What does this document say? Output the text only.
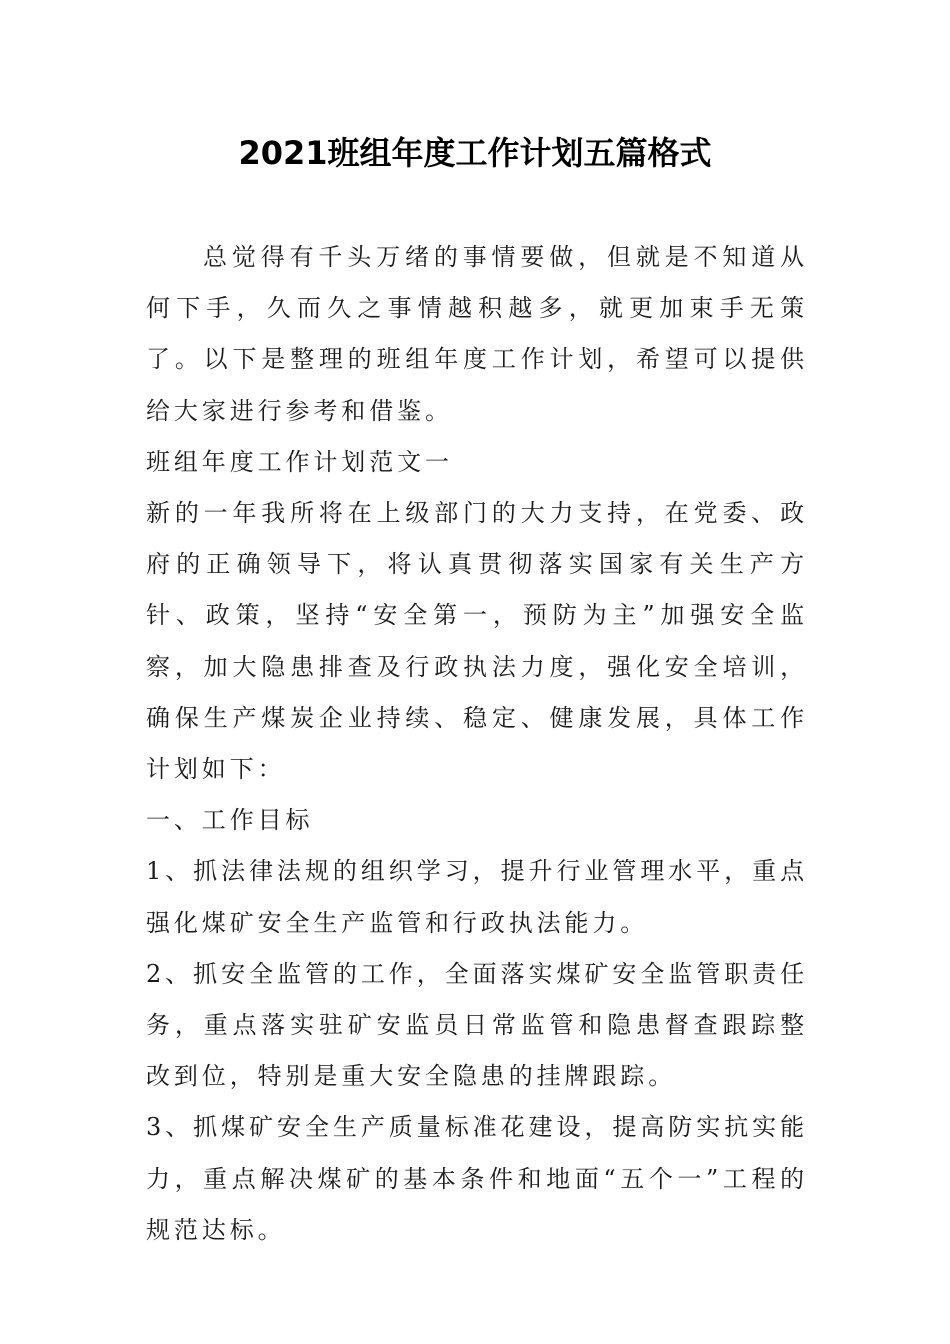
2021班组年度工作计划五篇格式

总觉得有千头万绪的事情要做，但就是不知道从何下手，久而久之事情越积越多，就更加束手无策了。以下是整理的班组年度工作计划，希望可以提供给大家进行参考和借鉴。

班组年度工作计划范文一

新的一年我所将在上级部门的大力支持，在党委、政府的正确领导下，将认真贯彻落实国家有关生产方针、政策，坚持“安全第一，预防为主”加强安全监察，加大隐患排查及行政执法力度，强化安全培训，确保生产煤炭企业持续、稳定、健康发展，具体工作计划如下：

一、工作目标

1、抓法律法规的组织学习，提升行业管理水平，重点强化煤矿安全生产监管和行政执法能力。

2、抓安全监管的工作，全面落实煤矿安全监管职责任务，重点落实驻矿安监员日常监管和隐患督查跟踪整改到位，特别是重大安全隐患的挂牌跟踪。

3、抓煤矿安全生产质量标准花建设，提高防实抗实能力，重点解决煤矿的基本条件和地面“五个一”工程的规范达标。
